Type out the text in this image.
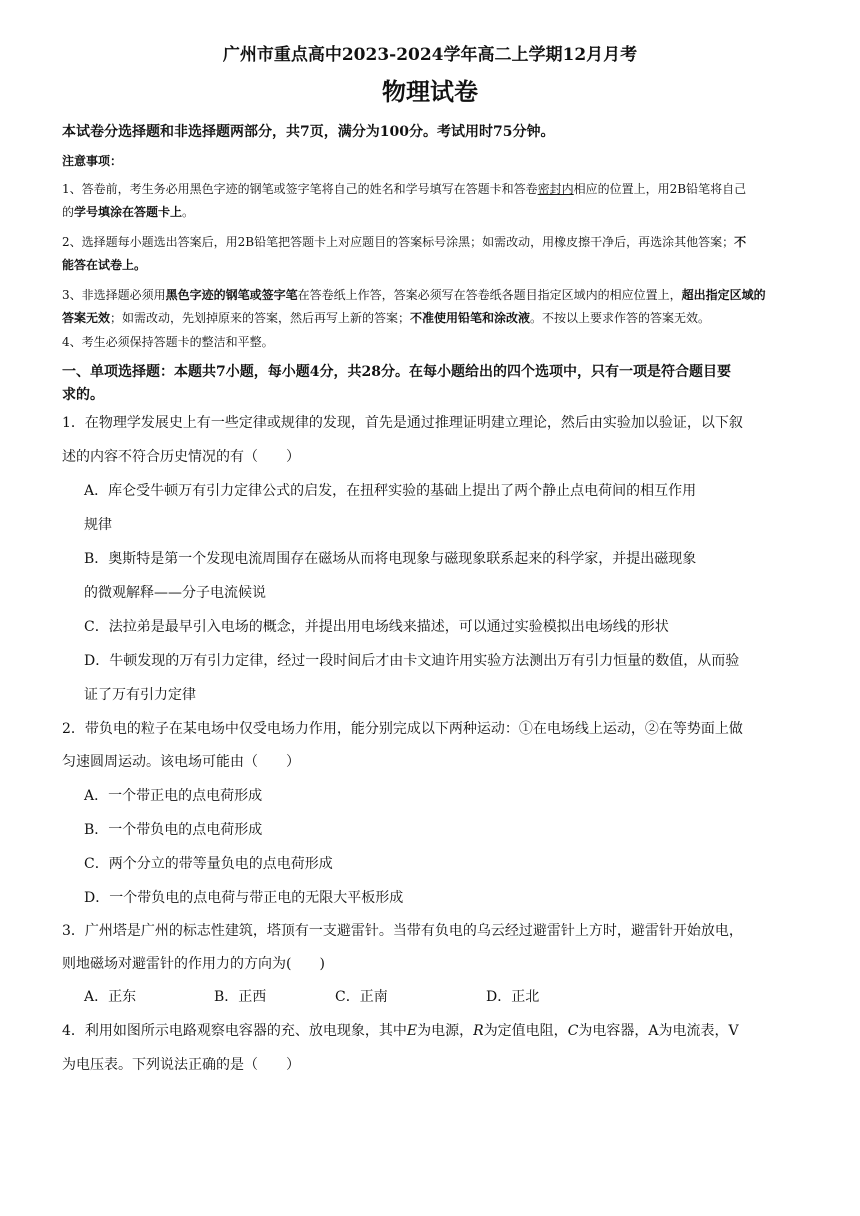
广州市重点高中2023-2024学年高二上学期12月月考
物理试卷
本试卷分选择题和非选择题两部分，共7页，满分为100分。考试用时75分钟。
注意事项：
1、答卷前，考生务必用黑色字迹的钢笔或签字笔将自己的姓名和学号填写在答题卡和答卷密封内相应的位置上，用2B铅笔将自己
的学号填涂在答题卡上。
2、选择题每小题选出答案后，用2B铅笔把答题卡上对应题目的答案标号涂黑；如需改动，用橡皮擦干净后，再选涂其他答案；不
能答在试卷上。
3、非选择题必须用黑色字迹的钢笔或签字笔在答卷纸上作答，答案必须写在答卷纸各题目指定区域内的相应位置上，超出指定区域的
答案无效；如需改动，先划掉原来的答案，然后再写上新的答案；不准使用铅笔和涂改液。不按以上要求作答的答案无效。
4、考生必须保持答题卡的整洁和平整。
一、单项选择题：本题共7小题，每小题4分，共28分。在每小题给出的四个选项中，只有一项是符合题目要
求的。
1．在物理学发展史上有一些定律或规律的发现，首先是通过推理证明建立理论，然后由实验加以验证，以下叙
述的内容不符合历史情况的有（　　）
A．库仑受牛顿万有引力定律公式的启发，在扭秤实验的基础上提出了两个静止点电荷间的相互作用
规律
B．奥斯特是第一个发现电流周围存在磁场从而将电现象与磁现象联系起来的科学家，并提出磁现象
的微观解释——分子电流候说
C．法拉弟是最早引入电场的概念，并提出用电场线来描述，可以通过实验模拟出电场线的形状
D．牛顿发现的万有引力定律，经过一段时间后才由卡文迪许用实验方法测出万有引力恒量的数值，从而验
证了万有引力定律
2．带负电的粒子在某电场中仅受电场力作用，能分别完成以下两种运动：①在电场线上运动，②在等势面上做
匀速圆周运动。该电场可能由（　　）
A．一个带正电的点电荷形成
B．一个带负电的点电荷形成
C．两个分立的带等量负电的点电荷形成
D．一个带负电的点电荷与带正电的无限大平板形成
3．广州塔是广州的标志性建筑，塔顶有一支避雷针。当带有负电的乌云经过避雷针上方时，避雷针开始放电，
则地磁场对避雷针的作用力的方向为(　　)
A．正东	B．正西	C．正南	D．正北
4．利用如图所示电路观察电容器的充、放电现象，其中E为电源，R为定值电阻，C为电容器，A为电流表，V
为电压表。下列说法正确的是（　　）
